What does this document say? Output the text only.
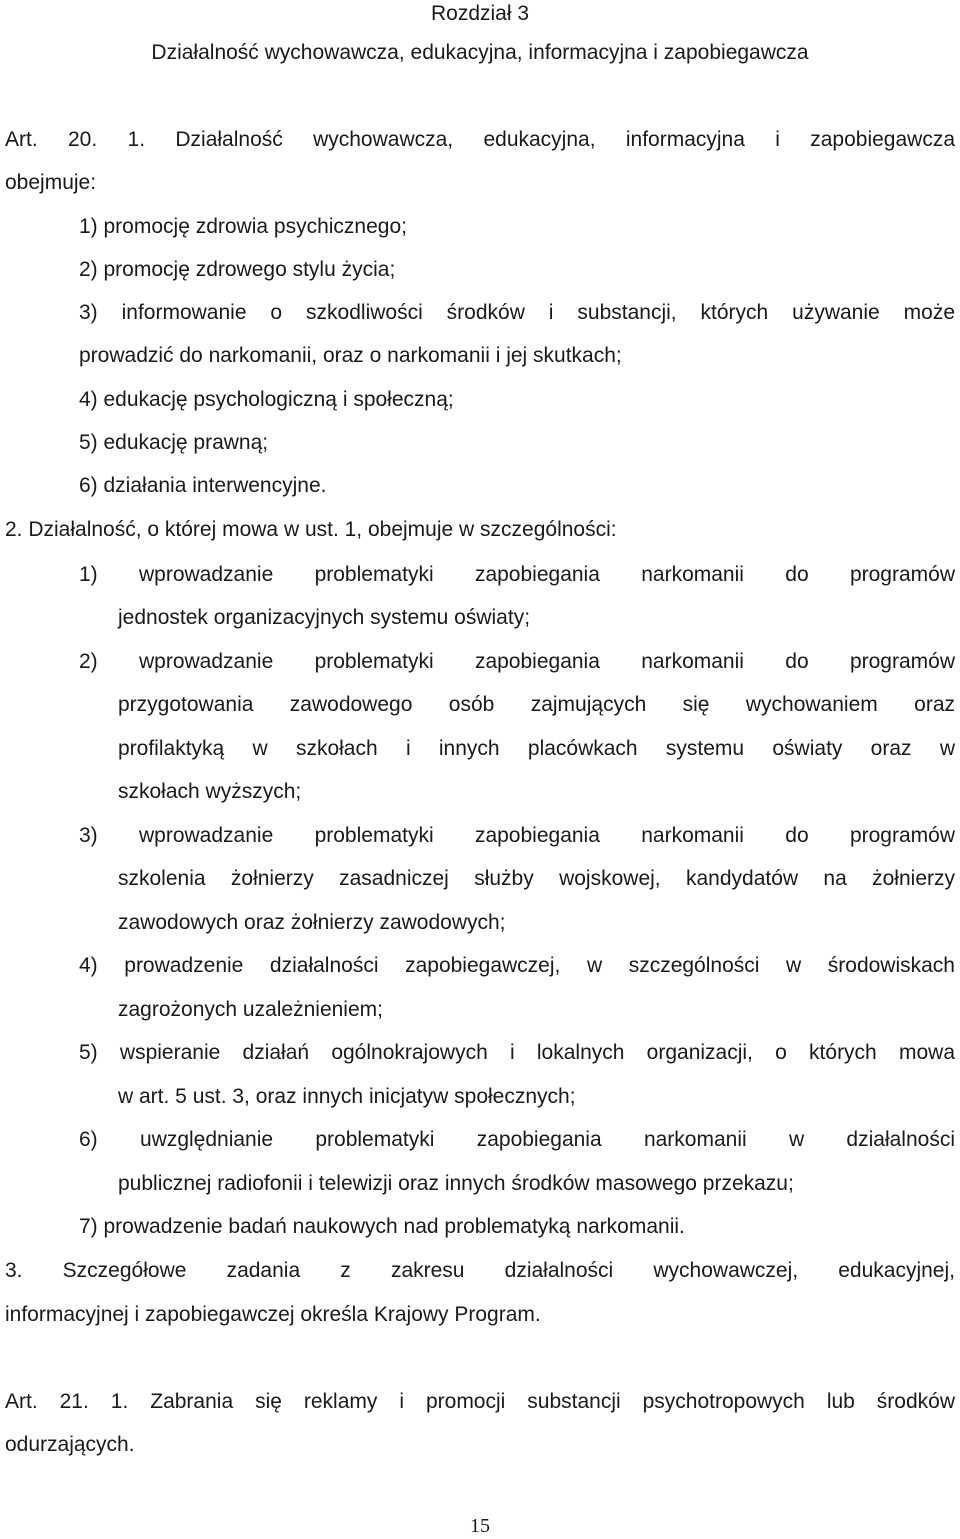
Rozdział 3
Działalność wychowawcza, edukacyjna, informacyjna i zapobiegawcza
Art. 20. 1. Działalność wychowawcza, edukacyjna, informacyjna i zapobiegawcza
obejmuje:
1) promocję zdrowia psychicznego;
2) promocję zdrowego stylu życia;
3) informowanie o szkodliwości środków i substancji, których używanie może
prowadzić do narkomanii, oraz o narkomanii i jej skutkach;
4) edukację psychologiczną i społeczną;
5) edukację prawną;
6) działania interwencyjne.
2. Działalność, o której mowa w ust. 1, obejmuje w szczególności:
1) wprowadzanie problematyki zapobiegania narkomanii do programów
jednostek organizacyjnych systemu oświaty;
2) wprowadzanie problematyki zapobiegania narkomanii do programów
przygotowania zawodowego osób zajmujących się wychowaniem oraz
profilaktyką w szkołach i innych placówkach systemu oświaty oraz w
szkołach wyższych;
3) wprowadzanie problematyki zapobiegania narkomanii do programów
szkolenia żołnierzy zasadniczej służby wojskowej, kandydatów na żołnierzy
zawodowych oraz żołnierzy zawodowych;
4) prowadzenie działalności zapobiegawczej, w szczególności w środowiskach
zagrożonych uzależnieniem;
5) wspieranie działań ogólnokrajowych i lokalnych organizacji, o których mowa
w art. 5 ust. 3, oraz innych inicjatyw społecznych;
6) uwzględnianie problematyki zapobiegania narkomanii w działalności
publicznej radiofonii i telewizji oraz innych środków masowego przekazu;
7) prowadzenie badań naukowych nad problematyką narkomanii.
3. Szczegółowe zadania z zakresu działalności wychowawczej, edukacyjnej,
informacyjnej i zapobiegawczej określa Krajowy Program.
Art. 21. 1. Zabrania się reklamy i promocji substancji psychotropowych lub środków
odurzających.
15
